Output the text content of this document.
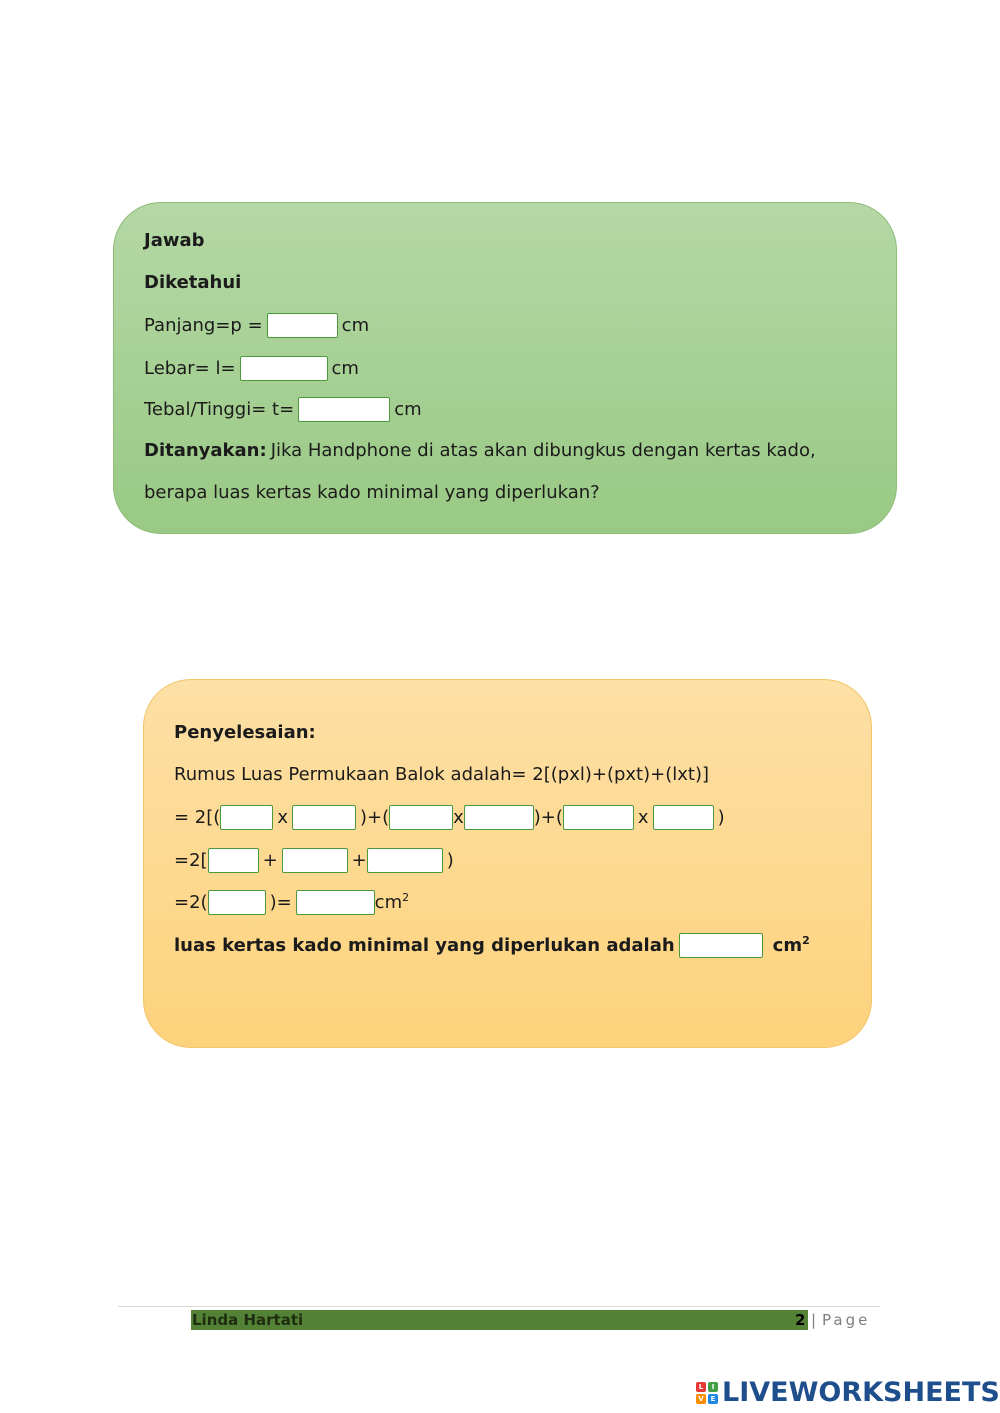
Jawab
Diketahui
Panjang=p =	cm
Lebar= l=	cm
Tebal/Tinggi= t=	cm
Ditanyakan: Jika Handphone di atas akan dibungkus dengan kertas kado,
berapa luas kertas kado minimal yang diperlukan?
Penyelesaian:
Rumus Luas Permukaan Balok adalah= 2[(pxl)+(pxt)+(lxt)]
= 2[(	x	)+(	x	)+(	x	)
=2[	+	+	)
=2(	)=	$cm^2$
luas kertas kado minimal yang diperlukan adalah	$cm^2$
Linda Hartati	2 | Page
L	I
V E LIVEWORKSHEETS
